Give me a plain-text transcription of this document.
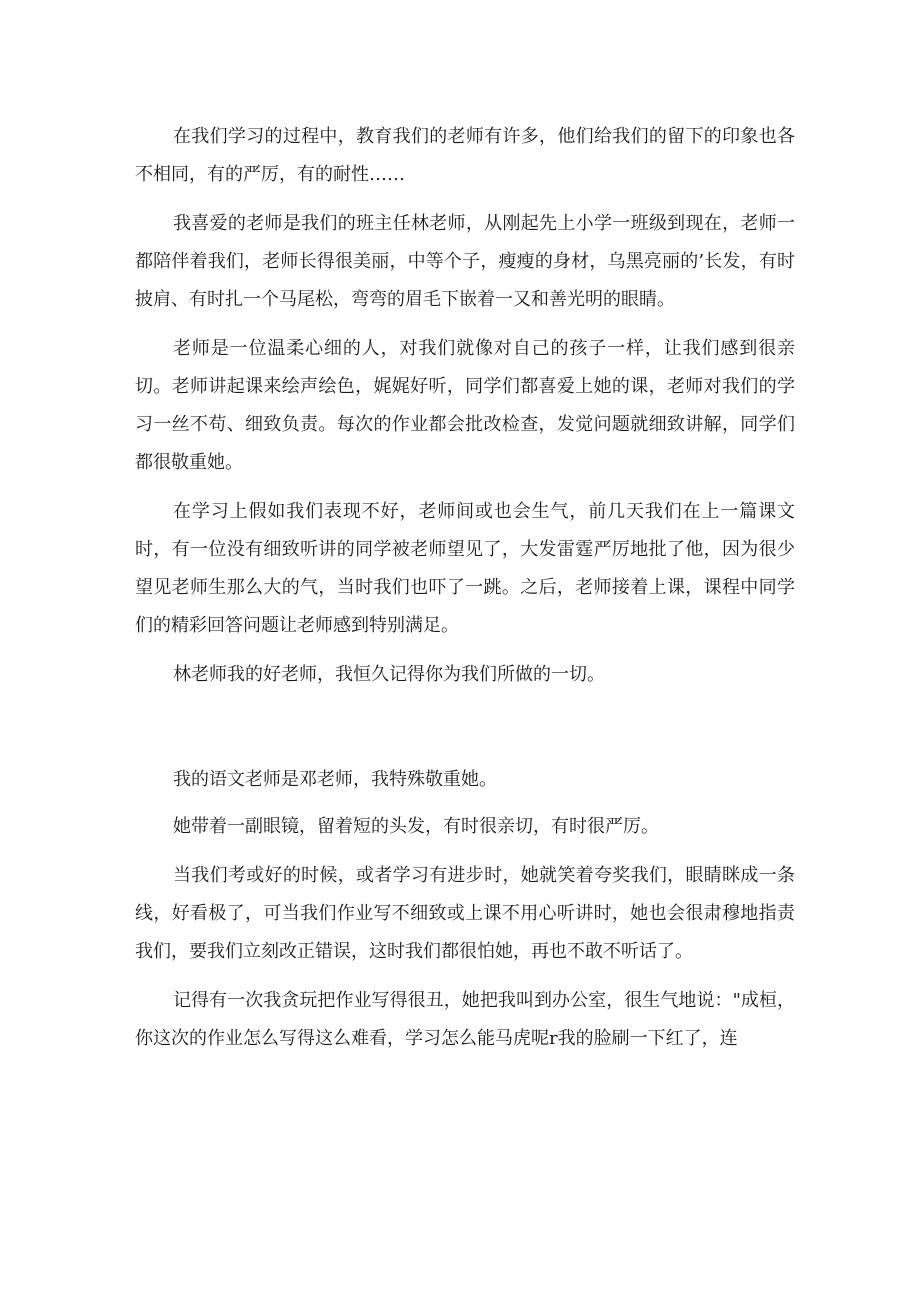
在我们学习的过程中，教育我们的老师有许多，他们给我们的留下的印象也各不相同，有的严厉，有的耐性……

我喜爱的老师是我们的班主任林老师，从刚起先上小学一班级到现在，老师一都陪伴着我们，老师长得很美丽，中等个子，瘦瘦的身材，乌黑亮丽的’长发，有时披肩、有时扎一个马尾松，弯弯的眉毛下嵌着一又和善光明的眼睛。

老师是一位温柔心细的人，对我们就像对自己的孩子一样，让我们感到很亲切。老师讲起课来绘声绘色，娓娓好听，同学们都喜爱上她的课，老师对我们的学习一丝不苟、细致负责。每次的作业都会批改检查，发觉问题就细致讲解，同学们都很敬重她。

在学习上假如我们表现不好，老师间或也会生气，前几天我们在上一篇课文时，有一位没有细致听讲的同学被老师望见了，大发雷霆严厉地批了他，因为很少望见老师生那么大的气，当时我们也吓了一跳。之后，老师接着上课，课程中同学们的精彩回答问题让老师感到特别满足。

林老师我的好老师，我恒久记得你为我们所做的一切。

我的语文老师是邓老师，我特殊敬重她。

她带着一副眼镜，留着短的头发，有时很亲切，有时很严厉。

当我们考或好的时候，或者学习有进步时，她就笑着夸奖我们，眼睛眯成一条线，好看极了，可当我们作业写不细致或上课不用心听讲时，她也会很肃穆地指责我们，要我们立刻改正错误，这时我们都很怕她，再也不敢不听话了。

记得有一次我贪玩把作业写得很丑，她把我叫到办公室，很生气地说："成桓，你这次的作业怎么写得这么难看，学习怎么能马虎呢r我的脸刷一下红了，连
